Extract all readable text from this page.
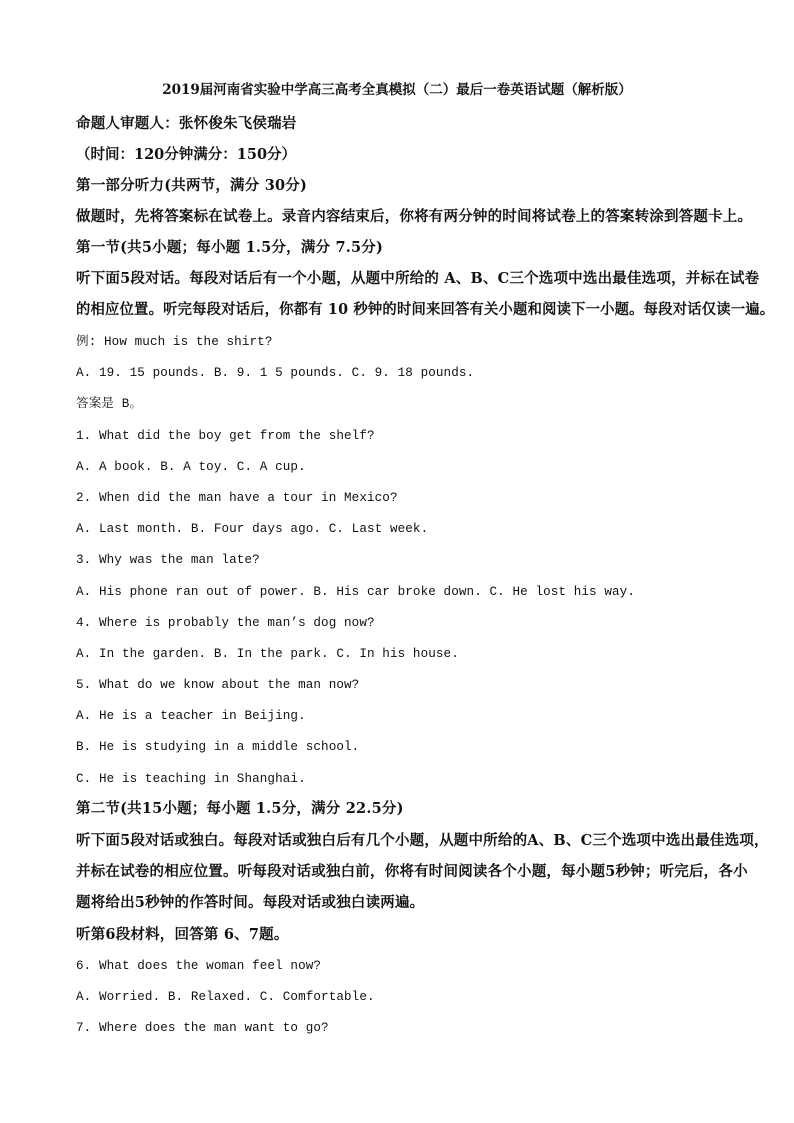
2019届河南省实验中学高三高考全真模拟（二）最后一卷英语试题（解析版）
命题人审题人：张怀俊朱飞侯瑞岩
（时间：120分钟满分：150分）
第一部分听力(共两节，满分 30分)
做题时，先将答案标在试卷上。录音内容结束后，你将有两分钟的时间将试卷上的答案转涂到答题卡上。
第一节(共5小题；每小题 1.5分，满分 7.5分)
听下面5段对话。每段对话后有一个小题，从题中所给的 A、B、C三个选项中选出最佳选项，并标在试卷
的相应位置。听完每段对话后，你都有 10 秒钟的时间来回答有关小题和阅读下一小题。每段对话仅读一遍。
例: How much is the shirt?
A. 19. 15 pounds. B. 9. 1 5 pounds. C. 9. 18 pounds.
答案是 B。
1. What did the boy get from the shelf?
A. A book. B. A toy. C. A cup.
2. When did the man have a tour in Mexico?
A. Last month. B. Four days ago. C. Last week.
3. Why was the man late?
A. His phone ran out of power. B. His car broke down. C. He lost his way.
4. Where is probably the man’s dog now?
A. In the garden. B. In the park. C. In his house.
5. What do we know about the man now?
A. He is a teacher in Beijing.
B. He is studying in a middle school.
C. He is teaching in Shanghai.
第二节(共15小题；每小题 1.5分，满分 22.5分)
听下面5段对话或独白。每段对话或独白后有几个小题，从题中所给的A、B、C三个选项中选出最佳选项，
并标在试卷的相应位置。听每段对话或独白前，你将有时间阅读各个小题，每小题5秒钟；听完后，各小
题将给出5秒钟的作答时间。每段对话或独白读两遍。
听第6段材料，回答第 6、7题。
6. What does the woman feel now?
A. Worried. B. Relaxed. C. Comfortable.
7. Where does the man want to go?
